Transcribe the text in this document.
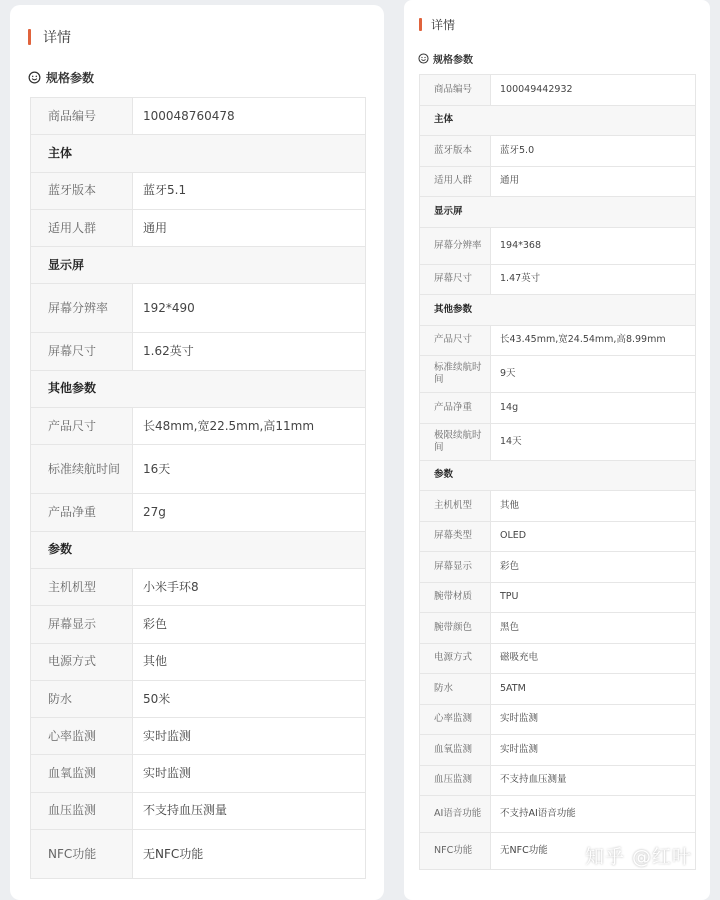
详情
规格参数
商品编号	100048760478
主体	
蓝牙版本	蓝牙5.1
适用人群	通用
显示屏	
屏幕分辨率	192*490
屏幕尺寸	1.62英寸
其他参数	
产品尺寸	长48mm,宽22.5mm,高11mm
标准续航时间	16天
产品净重	27g
参数	
主机机型	小米手环8
屏幕显示	彩色
电源方式	其他
防水	50米
心率监测	实时监测
血氧监测	实时监测
血压监测	不支持血压测量
NFC功能	无NFC功能
详情
规格参数
商品编号	100049442932
主体	
蓝牙版本	蓝牙5.0
适用人群	通用
显示屏	
屏幕分辨率	194*368
屏幕尺寸	1.47英寸
其他参数	
产品尺寸	长43.45mm,宽24.54mm,高8.99mm
标准续航时间	9天
产品净重	14g
极限续航时间	14天
参数	
主机机型	其他
屏幕类型	OLED
屏幕显示	彩色
腕带材质	TPU
腕带颜色	黑色
电源方式	磁吸充电
防水	5ATM
心率监测	实时监测
血氧监测	实时监测
血压监测	不支持血压测量
AI语音功能	不支持AI语音功能
NFC功能	无NFC功能 知乎 @红叶
